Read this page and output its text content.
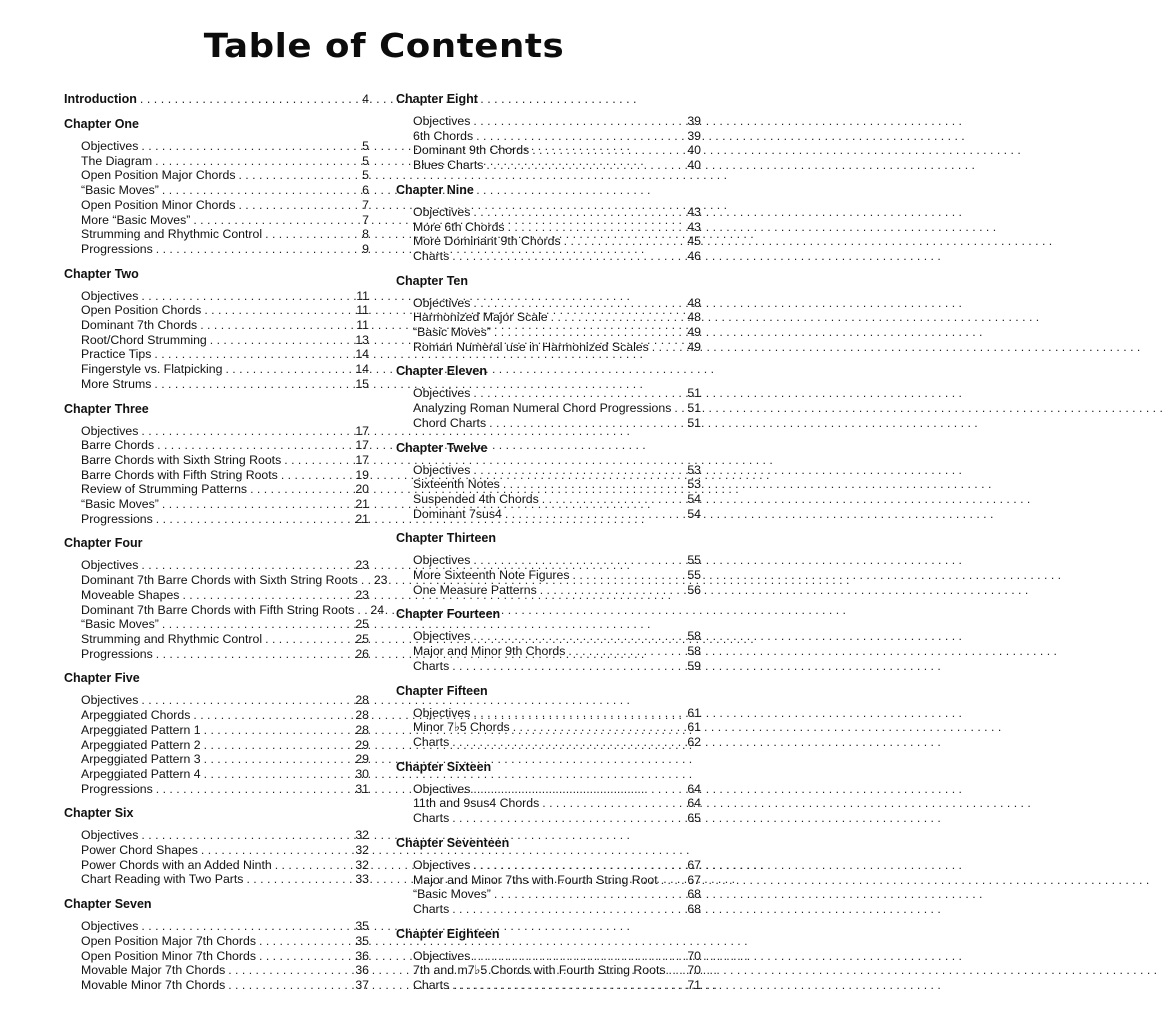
Table of Contents
Introduction . . .	4
Chapter One
Objectives . . .	5
The Diagram . . .	5
Open Position Major Chords . . .	5
“Basic Moves” . . .	6
Open Position Minor Chords . . .	7
More “Basic Moves” . . .	7
Strumming and Rhythmic Control . . .	8
Progressions . . .	9
Chapter Two
Objectives . . .	11
Open Position Chords . . .	11
Dominant 7th Chords . . .	11
Root/Chord Strumming . . .	13
Practice Tips . . .	14
Fingerstyle vs. Flatpicking . . .	14
More Strums . . .	15
Chapter Three
Objectives . . .	17
Barre Chords . . .	17
Barre Chords with Sixth String Roots . . .	17
Barre Chords with Fifth String Roots . . .	19
Review of Strumming Patterns . . .	20
“Basic Moves” . . .	21
Progressions . . .	21
Chapter Four
Objectives . . .	23
Dominant 7th Barre Chords with Sixth String Roots . . . 23
Moveable Shapes . . .	23
Dominant 7th Barre Chords with Fifth String Roots . . . 24
“Basic Moves” . . .	25
Strumming and Rhythmic Control . . .	25
Progressions . . .	26
Chapter Five
Objectives . . .	28
Arpeggiated Chords . . .	28
Arpeggiated Pattern 1 . . .	28
Arpeggiated Pattern 2 . . .	29
Arpeggiated Pattern 3 . . .	29
Arpeggiated Pattern 4 . . .	30
Progressions . . .	31
Chapter Six
Objectives . . .	32
Power Chord Shapes . . .	32
Power Chords with an Added Ninth . . .	32
Chart Reading with Two Parts . . .	33
Chapter Seven
Objectives . . .	35
Open Position Major 7th Chords . . .	35
Open Position Minor 7th Chords . . .	36
Movable Major 7th Chords . . .	36
Movable Minor 7th Chords . . .	37
Chapter Eight
Objectives . . .	39
6th Chords . . .	39
Dominant 9th Chords . . .	40
Blues Charts . . .	40
Chapter Nine
Objectives . . .	43
More 6th Chords . . .	43
More Dominant 9th Chords . . .	45
Charts . . .	46
Chapter Ten
Objectives . . .	48
Harmonized Major Scale . . .	48
“Basic Moves” . . .	49
Roman Numeral use in Harmonized Scales . . .	49
Chapter Eleven
Objectives . . .	51
Analyzing Roman Numeral Chord Progressions . . . 51
Chord Charts . . .	51
Chapter Twelve
Objectives . . .	53
Sixteenth Notes . . .	53
Suspended 4th Chords . . .	54
Dominant 7sus4 . . .	54
Chapter Thirteen
Objectives . . .	55
More Sixteenth Note Figures . . .	55
One Measure Patterns . . .	56
Chapter Fourteen
Objectives . . .	58
Major and Minor 9th Chords . . .	58
Charts . . .	59
Chapter Fifteen
Objectives . . .	61
Minor 7♭5 Chords . . .	61
Charts . . .	62
Chapter Sixteen
Objectives . . .	64
11th and 9sus4 Chords . . .	64
Charts . . .	65
Chapter Seventeen
Objectives . . .	67
Major and Minor 7ths with Fourth String Root . . . 67
“Basic Moves” . . .	68
Charts . . .	68
Chapter Eighteen
Objectives . . .	70
7th and m7♭5 Chords with Fourth String Roots . . . 70
Charts . . .	71
